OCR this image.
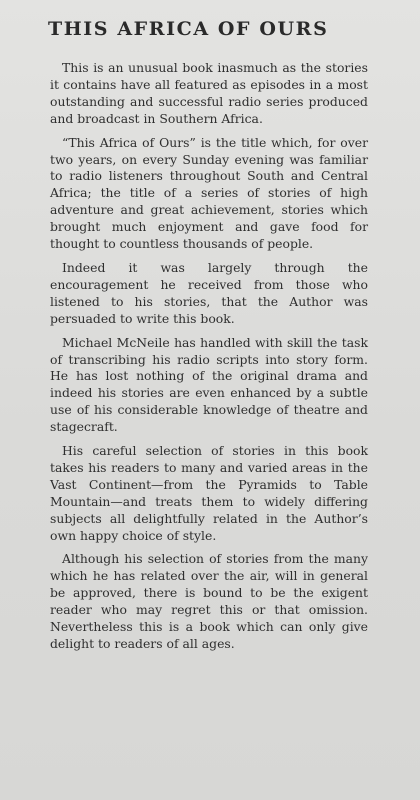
THIS AFRICA OF OURS

This is an unusual book inasmuch as the stories it contains have all featured as episodes in a most outstanding and successful radio series produced and broadcast in Southern Africa.

“This Africa of Ours” is the title which, for over two years, on every Sunday evening was familiar to radio listeners throughout South and Central Africa; the title of a series of stories of high adventure and great achievement, stories which brought much enjoyment and gave food for thought to countless thousands of people.

Indeed it was largely through the encouragement he received from those who listened to his stories, that the Author was persuaded to write this book.

Michael McNeile has handled with skill the task of transcribing his radio scripts into story form. He has lost nothing of the original drama and indeed his stories are even enhanced by a subtle use of his considerable knowledge of theatre and stagecraft.

His careful selection of stories in this book takes his readers to many and varied areas in the Vast Continent—from the Pyramids to Table Mountain—and treats them to widely differing subjects all delightfully related in the Author’s own happy choice of style.

Although his selection of stories from the many which he has related over the air, will in general be approved, there is bound to be the exigent reader who may regret this or that omission. Nevertheless this is a book which can only give delight to readers of all ages.
